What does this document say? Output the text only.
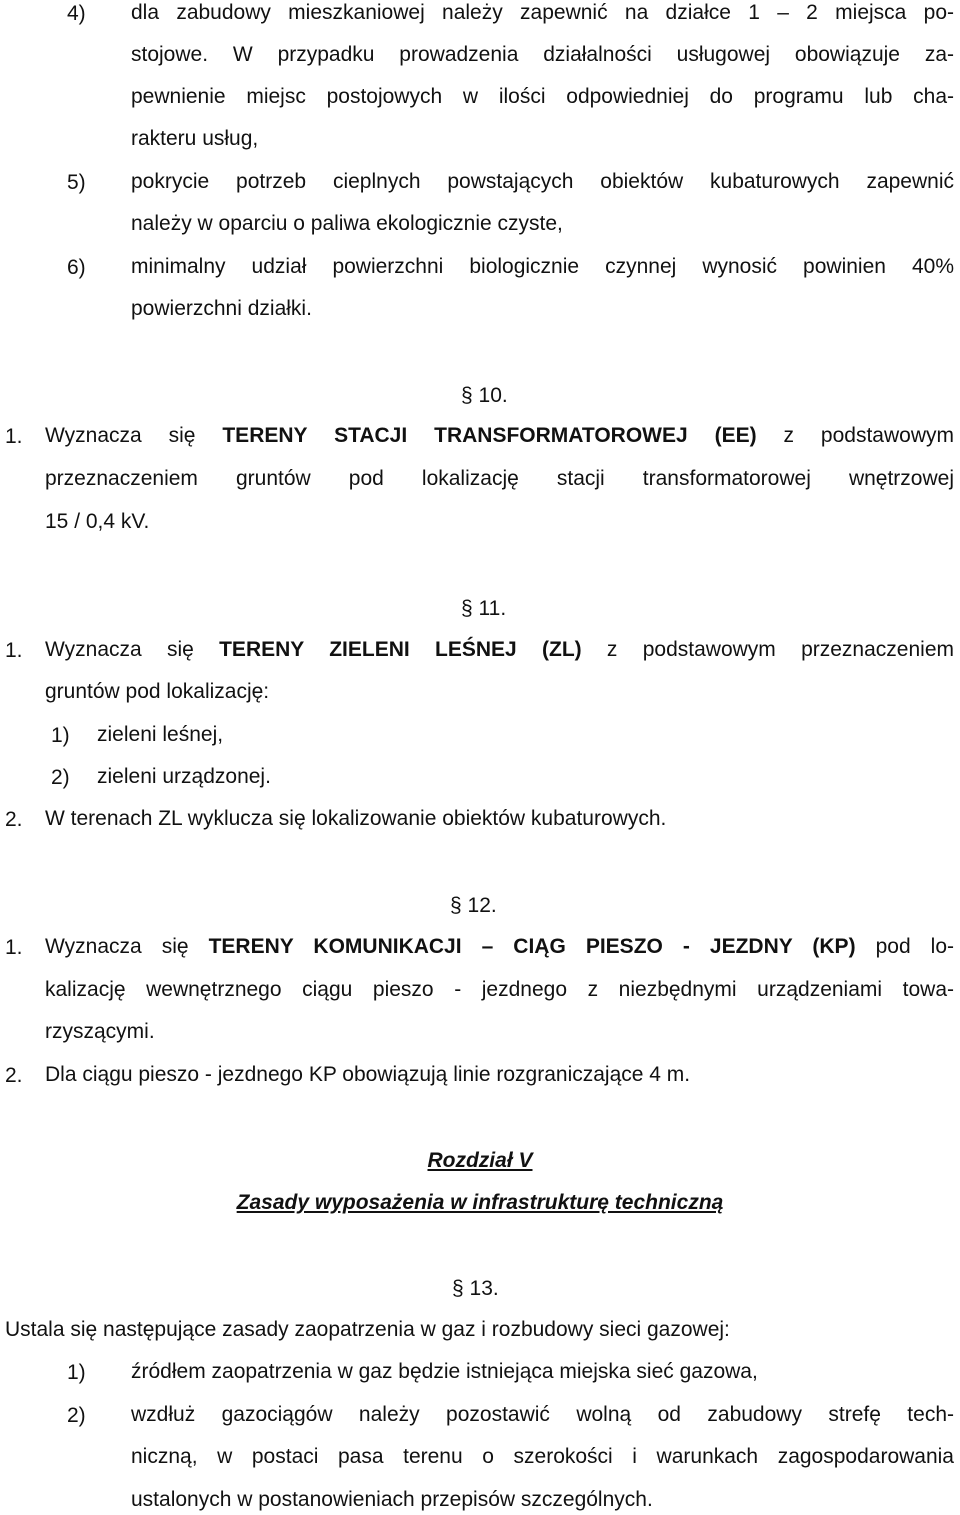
4) dla zabudowy mieszkaniowej należy zapewnić na działce 1 – 2 miejsca po-
stojowe. W przypadku prowadzenia działalności usługowej obowiązuje za-
pewnienie miejsc postojowych w ilości odpowiedniej do programu lub cha-
rakteru usług,
5) pokrycie potrzeb cieplnych powstających obiektów kubaturowych zapewnić
należy w oparciu o paliwa ekologicznie czyste,
6) minimalny udział powierzchni biologicznie czynnej wynosić powinien 40%
powierzchni działki.
§ 10.
1. Wyznacza się TERENY STACJI TRANSFORMATOROWEJ (EE) z podstawowym
przeznaczeniem gruntów pod lokalizację stacji transformatorowej wnętrzowej
15 / 0,4 kV.
§ 11.
1. Wyznacza się TERENY ZIELENI LEŚNEJ (ZL) z podstawowym przeznaczeniem
gruntów pod lokalizację:
1) zieleni leśnej,
2) zieleni urządzonej.
2. W terenach ZL wyklucza się lokalizowanie obiektów kubaturowych.
§ 12.
1. Wyznacza się TERENY KOMUNIKACJI – CIĄG PIESZO - JEZDNY (KP) pod lo-
kalizację wewnętrznego ciągu pieszo - jezdnego z niezbędnymi urządzeniami towa-
rzyszącymi.
2. Dla ciągu pieszo - jezdnego KP obowiązują linie rozgraniczające 4 m.
Rozdział V
Zasady wyposażenia w infrastrukturę techniczną
§ 13.
Ustala się następujące zasady zaopatrzenia w gaz i rozbudowy sieci gazowej:
1) źródłem zaopatrzenia w gaz będzie istniejąca miejska sieć gazowa,
2) wzdłuż gazociągów należy pozostawić wolną od zabudowy strefę tech-
niczną, w postaci pasa terenu o szerokości i warunkach zagospodarowania
ustalonych w postanowieniach przepisów szczególnych.
